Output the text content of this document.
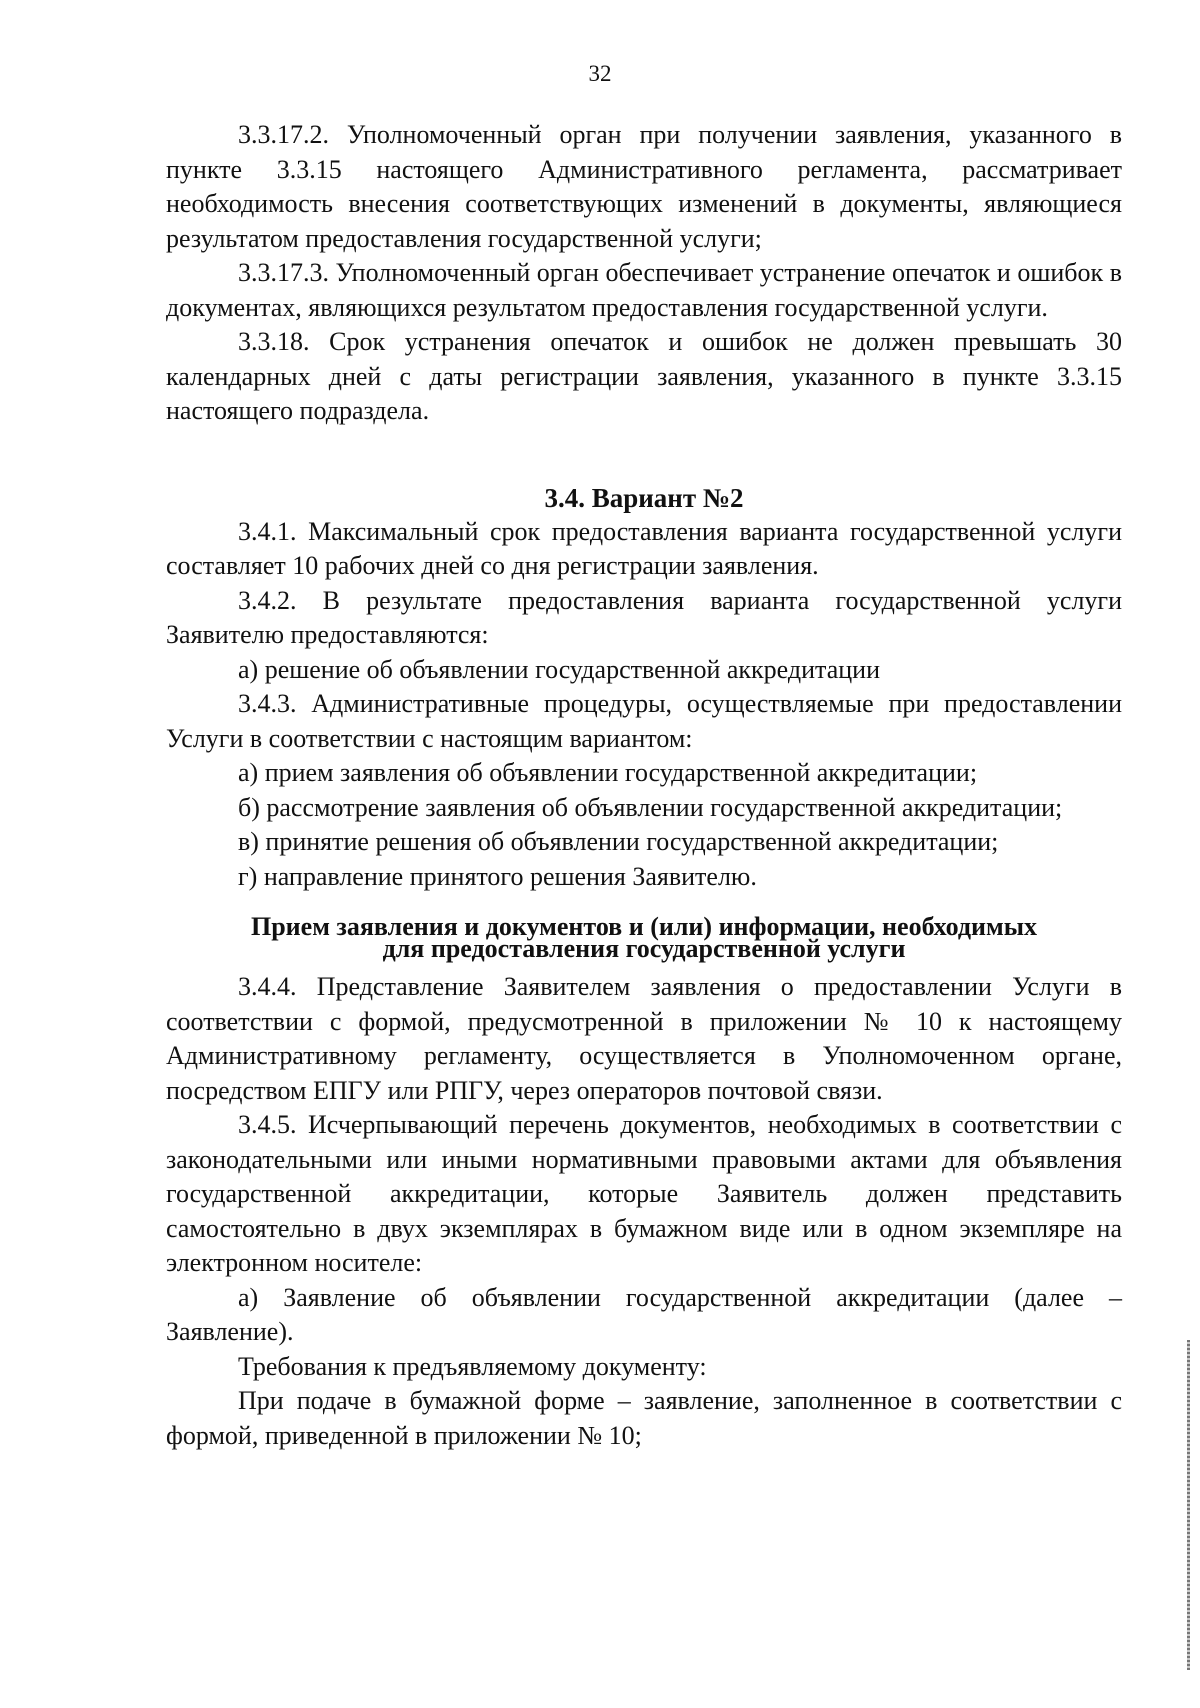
32

3.3.17.2. Уполномоченный орган при получении заявления, указанного в пункте 3.3.15 настоящего Административного регламента, рассматривает необходимость внесения соответствующих изменений в документы, являющиеся результатом предоставления государственной услуги;

3.3.17.3. Уполномоченный орган обеспечивает устранение опечаток и ошибок в документах, являющихся результатом предоставления государственной услуги.

3.3.18. Срок устранения опечаток и ошибок не должен превышать 30 календарных дней с даты регистрации заявления, указанного в пункте 3.3.15 настоящего подраздела.

3.4. Вариант №2

3.4.1. Максимальный срок предоставления варианта государственной услуги составляет 10 рабочих дней со дня регистрации заявления.

3.4.2. В результате предоставления варианта государственной услуги Заявителю предоставляются:

а) решение об объявлении государственной аккредитации

3.4.3. Административные процедуры, осуществляемые при предоставлении Услуги в соответствии с настоящим вариантом:

а) прием заявления об объявлении государственной аккредитации;

б) рассмотрение заявления об объявлении государственной аккредитации;

в) принятие решения об объявлении государственной аккредитации;

г) направление принятого решения Заявителю.

Прием заявления и документов и (или) информации, необходимых
для предоставления государственной услуги

3.4.4. Представление Заявителем заявления о предоставлении Услуги в соответствии с формой, предусмотренной в приложении № 10 к настоящему Административному регламенту, осуществляется в Уполномоченном органе, посредством ЕПГУ или РПГУ, через операторов почтовой связи.

3.4.5. Исчерпывающий перечень документов, необходимых в соответствии с законодательными или иными нормативными правовыми актами для объявления государственной аккредитации, которые Заявитель должен представить самостоятельно в двух экземплярах в бумажном виде или в одном экземпляре на электронном носителе:

а) Заявление об объявлении государственной аккредитации (далее – Заявление).

Требования к предъявляемому документу:

При подаче в бумажной форме – заявление, заполненное в соответствии с формой, приведенной в приложении № 10;
